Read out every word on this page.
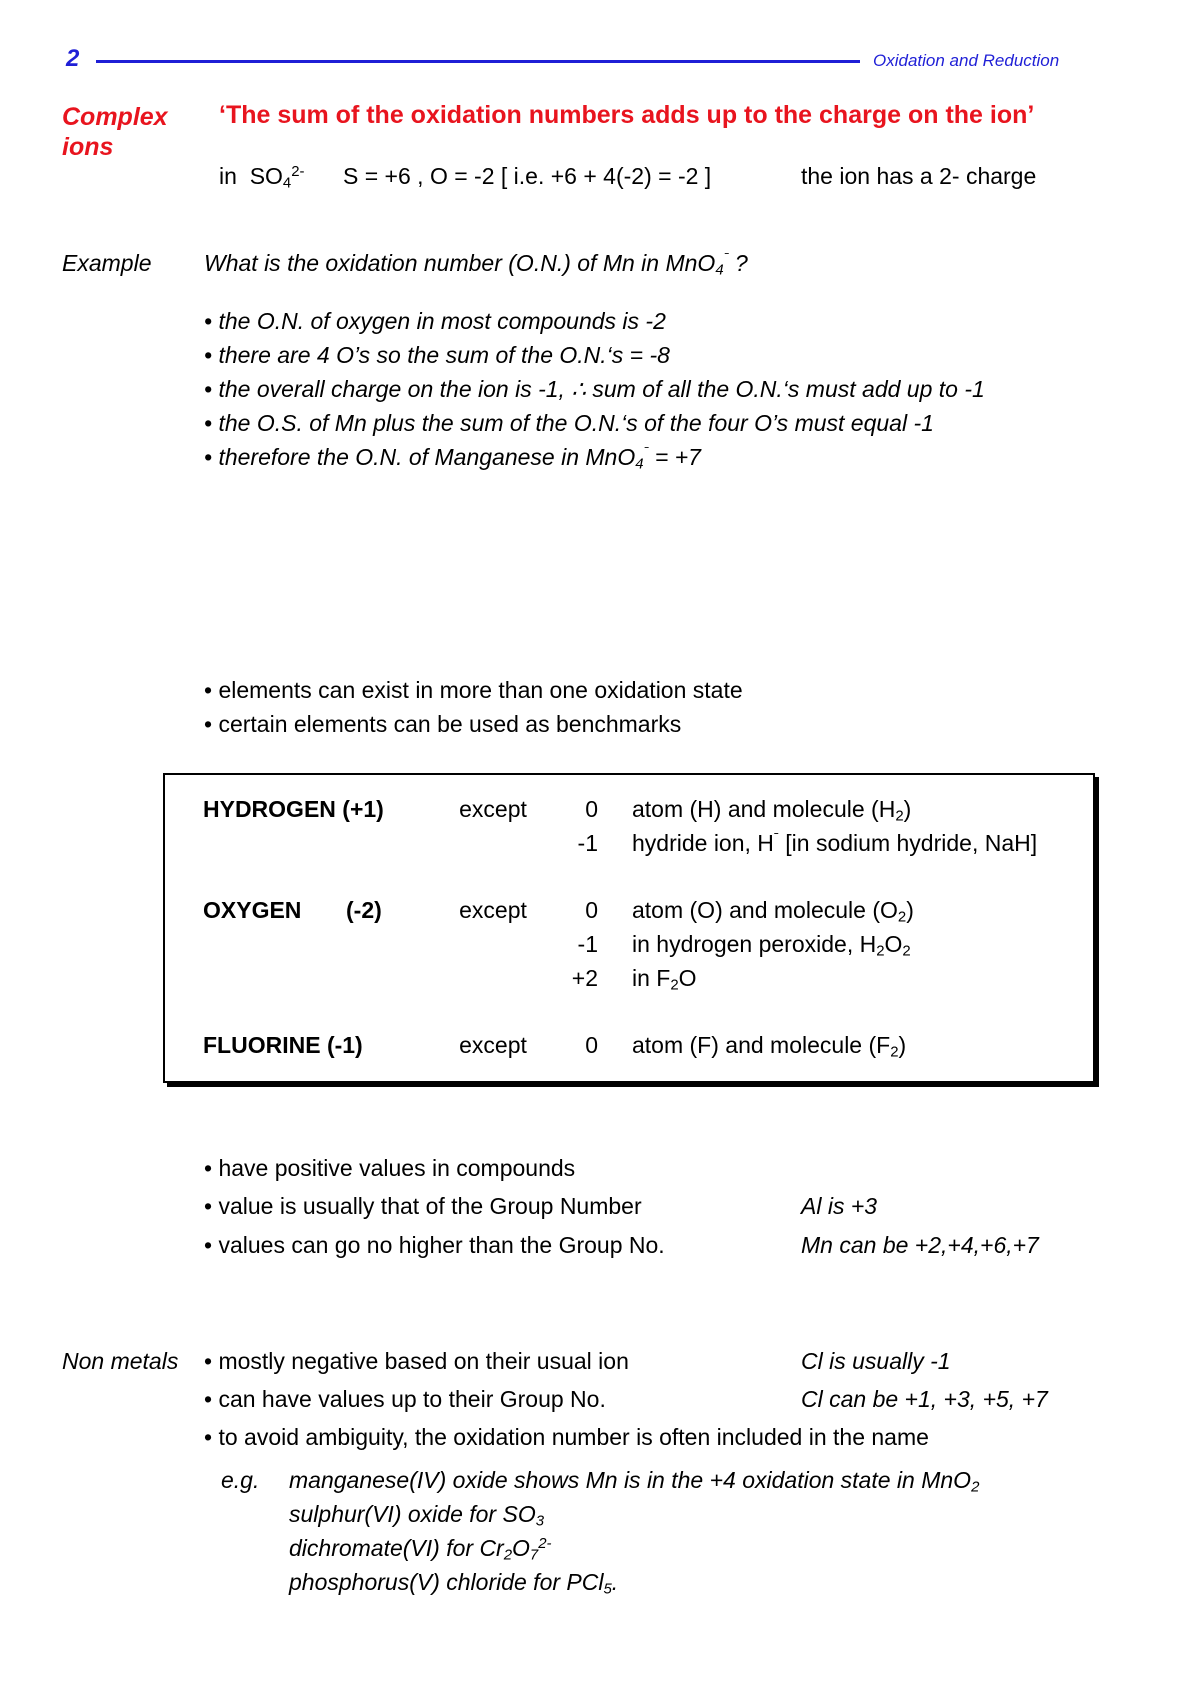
2	Oxidation and Reduction
Complex ions
‘The sum of the oxidation numbers adds up to the charge on the ion’
in $SO_4^{2-}$ S = +6 , O = -2 [ i.e. +6 + 4(-2) = -2 ]	the ion has a 2- charge
Example What is the oxidation number (O.N.) of Mn in MnO$_4^ˉ$ ?
• the O.N. of oxygen in most compounds is -2
• there are 4 O’s so the sum of the O.N.‘s = -8
• the overall charge on the ion is -1, ∴ sum of all the O.N.‘s must add up to -1
• the O.S. of Mn plus the sum of the O.N.‘s of the four O’s must equal -1
• therefore the O.N. of Manganese in MnO$_4^ˉ$ = +7
• elements can exist in more than one oxidation state
• certain elements can be used as benchmarks
HYDROGEN (+1)	except	0 atom (H) and molecule $(H_2)$
-1 hydride ion, $H^ˉ$ [in sodium hydride, NaH]
OXYGEN (-2)	except	0 atom (O) and molecule $(O_2)$
-1 in hydrogen peroxide, $H_2O_2$
+2 in $F_2O$
FLUORINE (-1)	except	0 atom (F) and molecule $(F_2)$
• have positive values in compounds
• value is usually that of the Group Number	Al is +3
• values can go no higher than the Group No.	Mn can be +2,+4,+6,+7
Non metals • mostly negative based on their usual ion	Cl is usually -1
• can have values up to their Group No.	Cl can be +1, +3, +5, +7
• to avoid ambiguity, the oxidation number is often included in the name
e.g. manganese(IV) oxide shows Mn is in the +4 oxidation state in MnO$_2$
sulphur(VI) oxide for $SO_3$
dichromate(VI) for $Cr_2O_7^{2-}$
phosphorus(V) chloride for PCl$_5$.
